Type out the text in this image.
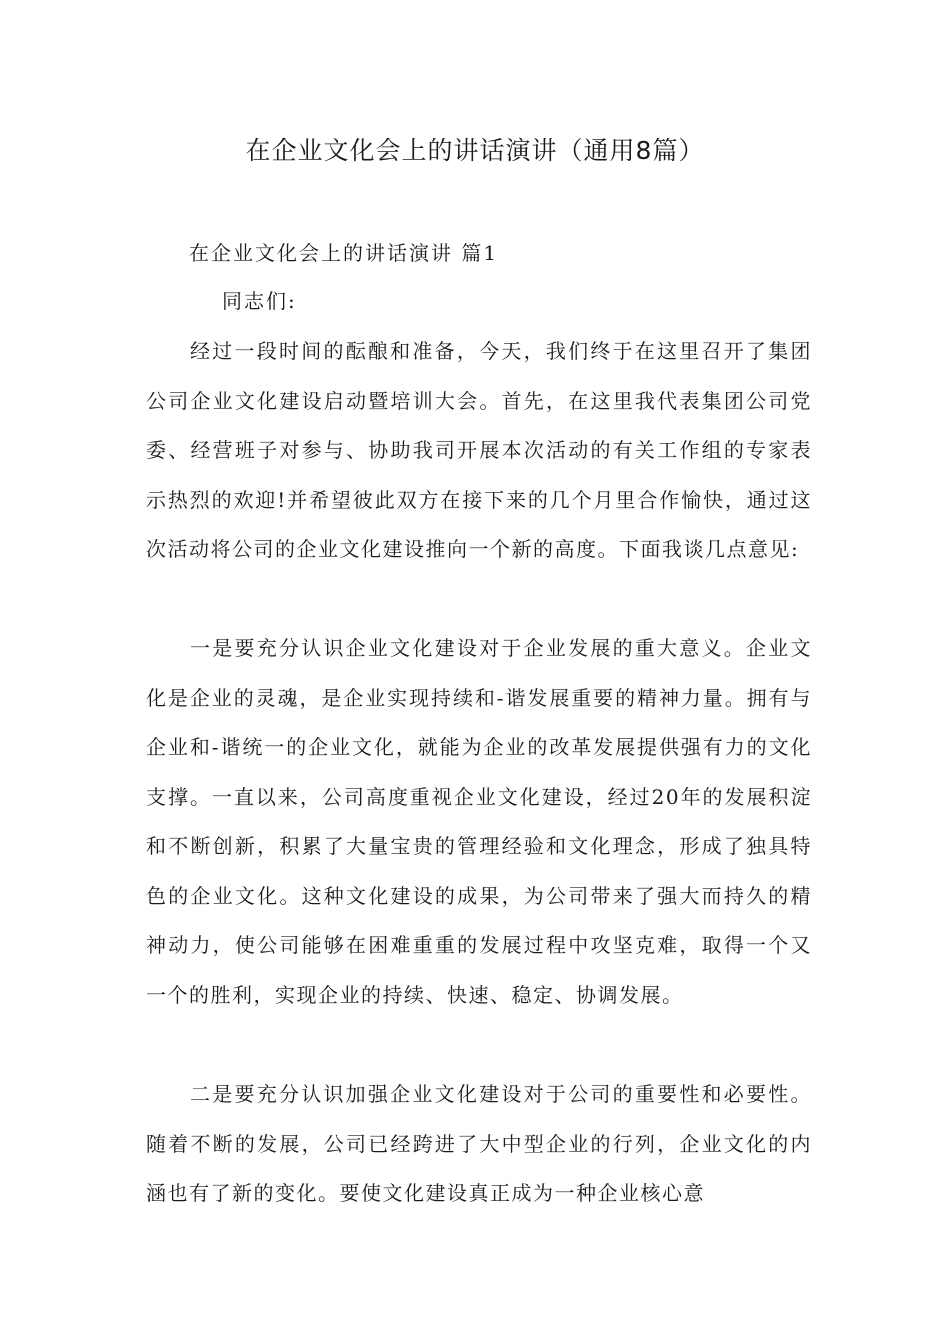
在企业文化会上的讲话演讲（通用8篇）
在企业文化会上的讲话演讲 篇1

同志们:

经过一段时间的酝酿和准备，今天，我们终于在这里召开了集团公司企业文化建设启动暨培训大会。首先，在这里我代表集团公司党委、经营班子对参与、协助我司开展本次活动的有关工作组的专家表示热烈的欢迎!并希望彼此双方在接下来的几个月里合作愉快，通过这次活动将公司的企业文化建设推向一个新的高度。下面我谈几点意见:

一是要充分认识企业文化建设对于企业发展的重大意义。企业文化是企业的灵魂，是企业实现持续和-谐发展重要的精神力量。拥有与企业和-谐统一的企业文化，就能为企业的改革发展提供强有力的文化支撑。一直以来，公司高度重视企业文化建设，经过20年的发展积淀和不断创新，积累了大量宝贵的管理经验和文化理念，形成了独具特色的企业文化。这种文化建设的成果，为公司带来了强大而持久的精神动力，使公司能够在困难重重的发展过程中攻坚克难，取得一个又一个的胜利，实现企业的持续、快速、稳定、协调发展。

二是要充分认识加强企业文化建设对于公司的重要性和必要性。随着不断的发展，公司已经跨进了大中型企业的行列，企业文化的内涵也有了新的变化。要使文化建设真正成为一种企业核心意
